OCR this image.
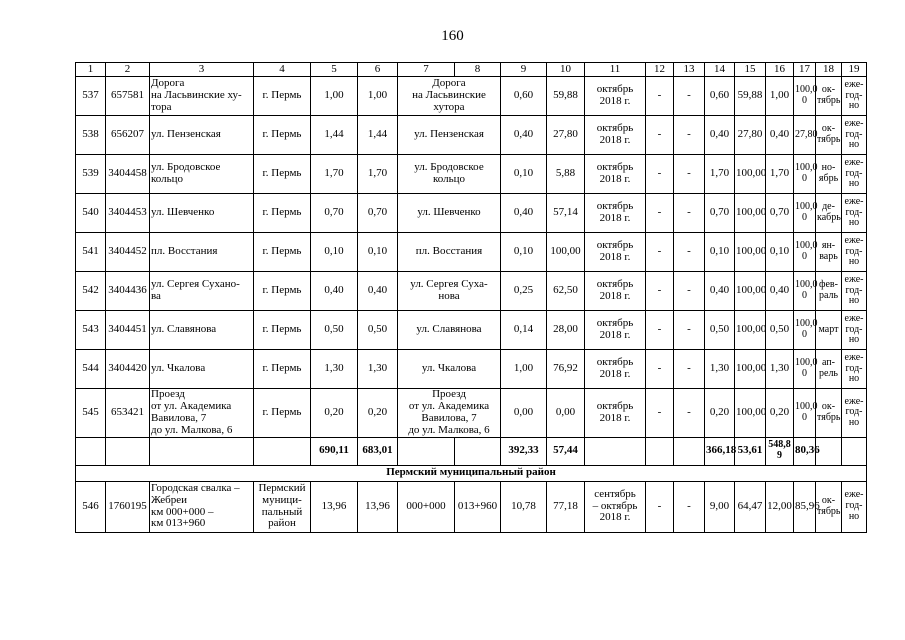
160
1	2	3	4	5	6	7	8	9	10	11	12	13	14	15	16	17	18	19
537	657581	Дорога
на Ласьвинские ху-
тора	г. Пермь	1,00	1,00	Дорога
на Ласьвинские
хутора		0,60	59,88	октябрь
2018 г.	-	-	0,60	59,88	1,00	100,0
0	ок-
тябрь	еже-
год-
но
538	656207	ул. Пензенская	г. Пермь	1,44	1,44	ул. Пензенская		0,40	27,80	октябрь
2018 г.	-	-	0,40	27,80	0,40	27,80	ок-
тябрь	еже-
год-
но
539	3404458	ул. Бродовское
кольцо	г. Пермь	1,70	1,70	ул. Бродовское
кольцо		0,10	5,88	октябрь
2018 г.	-	-	1,70	100,00	1,70	100,0
0	но-
ябрь	еже-
год-
но
540	3404453	ул. Шевченко	г. Пермь	0,70	0,70	ул. Шевченко		0,40	57,14	октябрь
2018 г.	-	-	0,70	100,00	0,70	100,0
0	де-
кабрь	еже-
год-
но
541	3404452	пл. Восстания	г. Пермь	0,10	0,10	пл. Восстания		0,10	100,00	октябрь
2018 г.	-	-	0,10	100,00	0,10	100,0
0	ян-
варь	еже-
год-
но
542	3404436	ул. Сергея Сухано-
ва	г. Пермь	0,40	0,40	ул. Сергея Суха-
нова		0,25	62,50	октябрь
2018 г.	-	-	0,40	100,00	0,40	100,0
0	фев-
раль	еже-
год-
но
543	3404451	ул. Славянова	г. Пермь	0,50	0,50	ул. Славянова		0,14	28,00	октябрь
2018 г.	-	-	0,50	100,00	0,50	100,0
0	март	еже-
год-
но
544	3404420	ул. Чкалова	г. Пермь	1,30	1,30	ул. Чкалова		1,00	76,92	октябрь
2018 г.	-	-	1,30	100,00	1,30	100,0
0	ап-
рель	еже-
год-
но
545	653421	Проезд
от ул. Академика
Вавилова, 7
до ул. Малкова, 6	г. Пермь	0,20	0,20	Проезд
от ул. Академика
Вавилова, 7
до ул. Малкова, 6		0,00	0,00	октябрь
2018 г.	-	-	0,20	100,00	0,20	100,0
0	ок-
тябрь	еже-
год-
но
				690,11	683,01			392,33	57,44				366,18	53,61	548,8
9	80,36		
Пермский муниципальный район																		
546	1760195	Городская свалка –
Жебреи
км 000+000 –
км 013+960	Пермский
муници-
пальный
район	13,96	13,96	000+000	013+960	10,78	77,18	сентябрь
– октябрь
2018 г.	-	-	9,00	64,47	12,00	85,96	ок-
тябрь	еже-
год-
но
